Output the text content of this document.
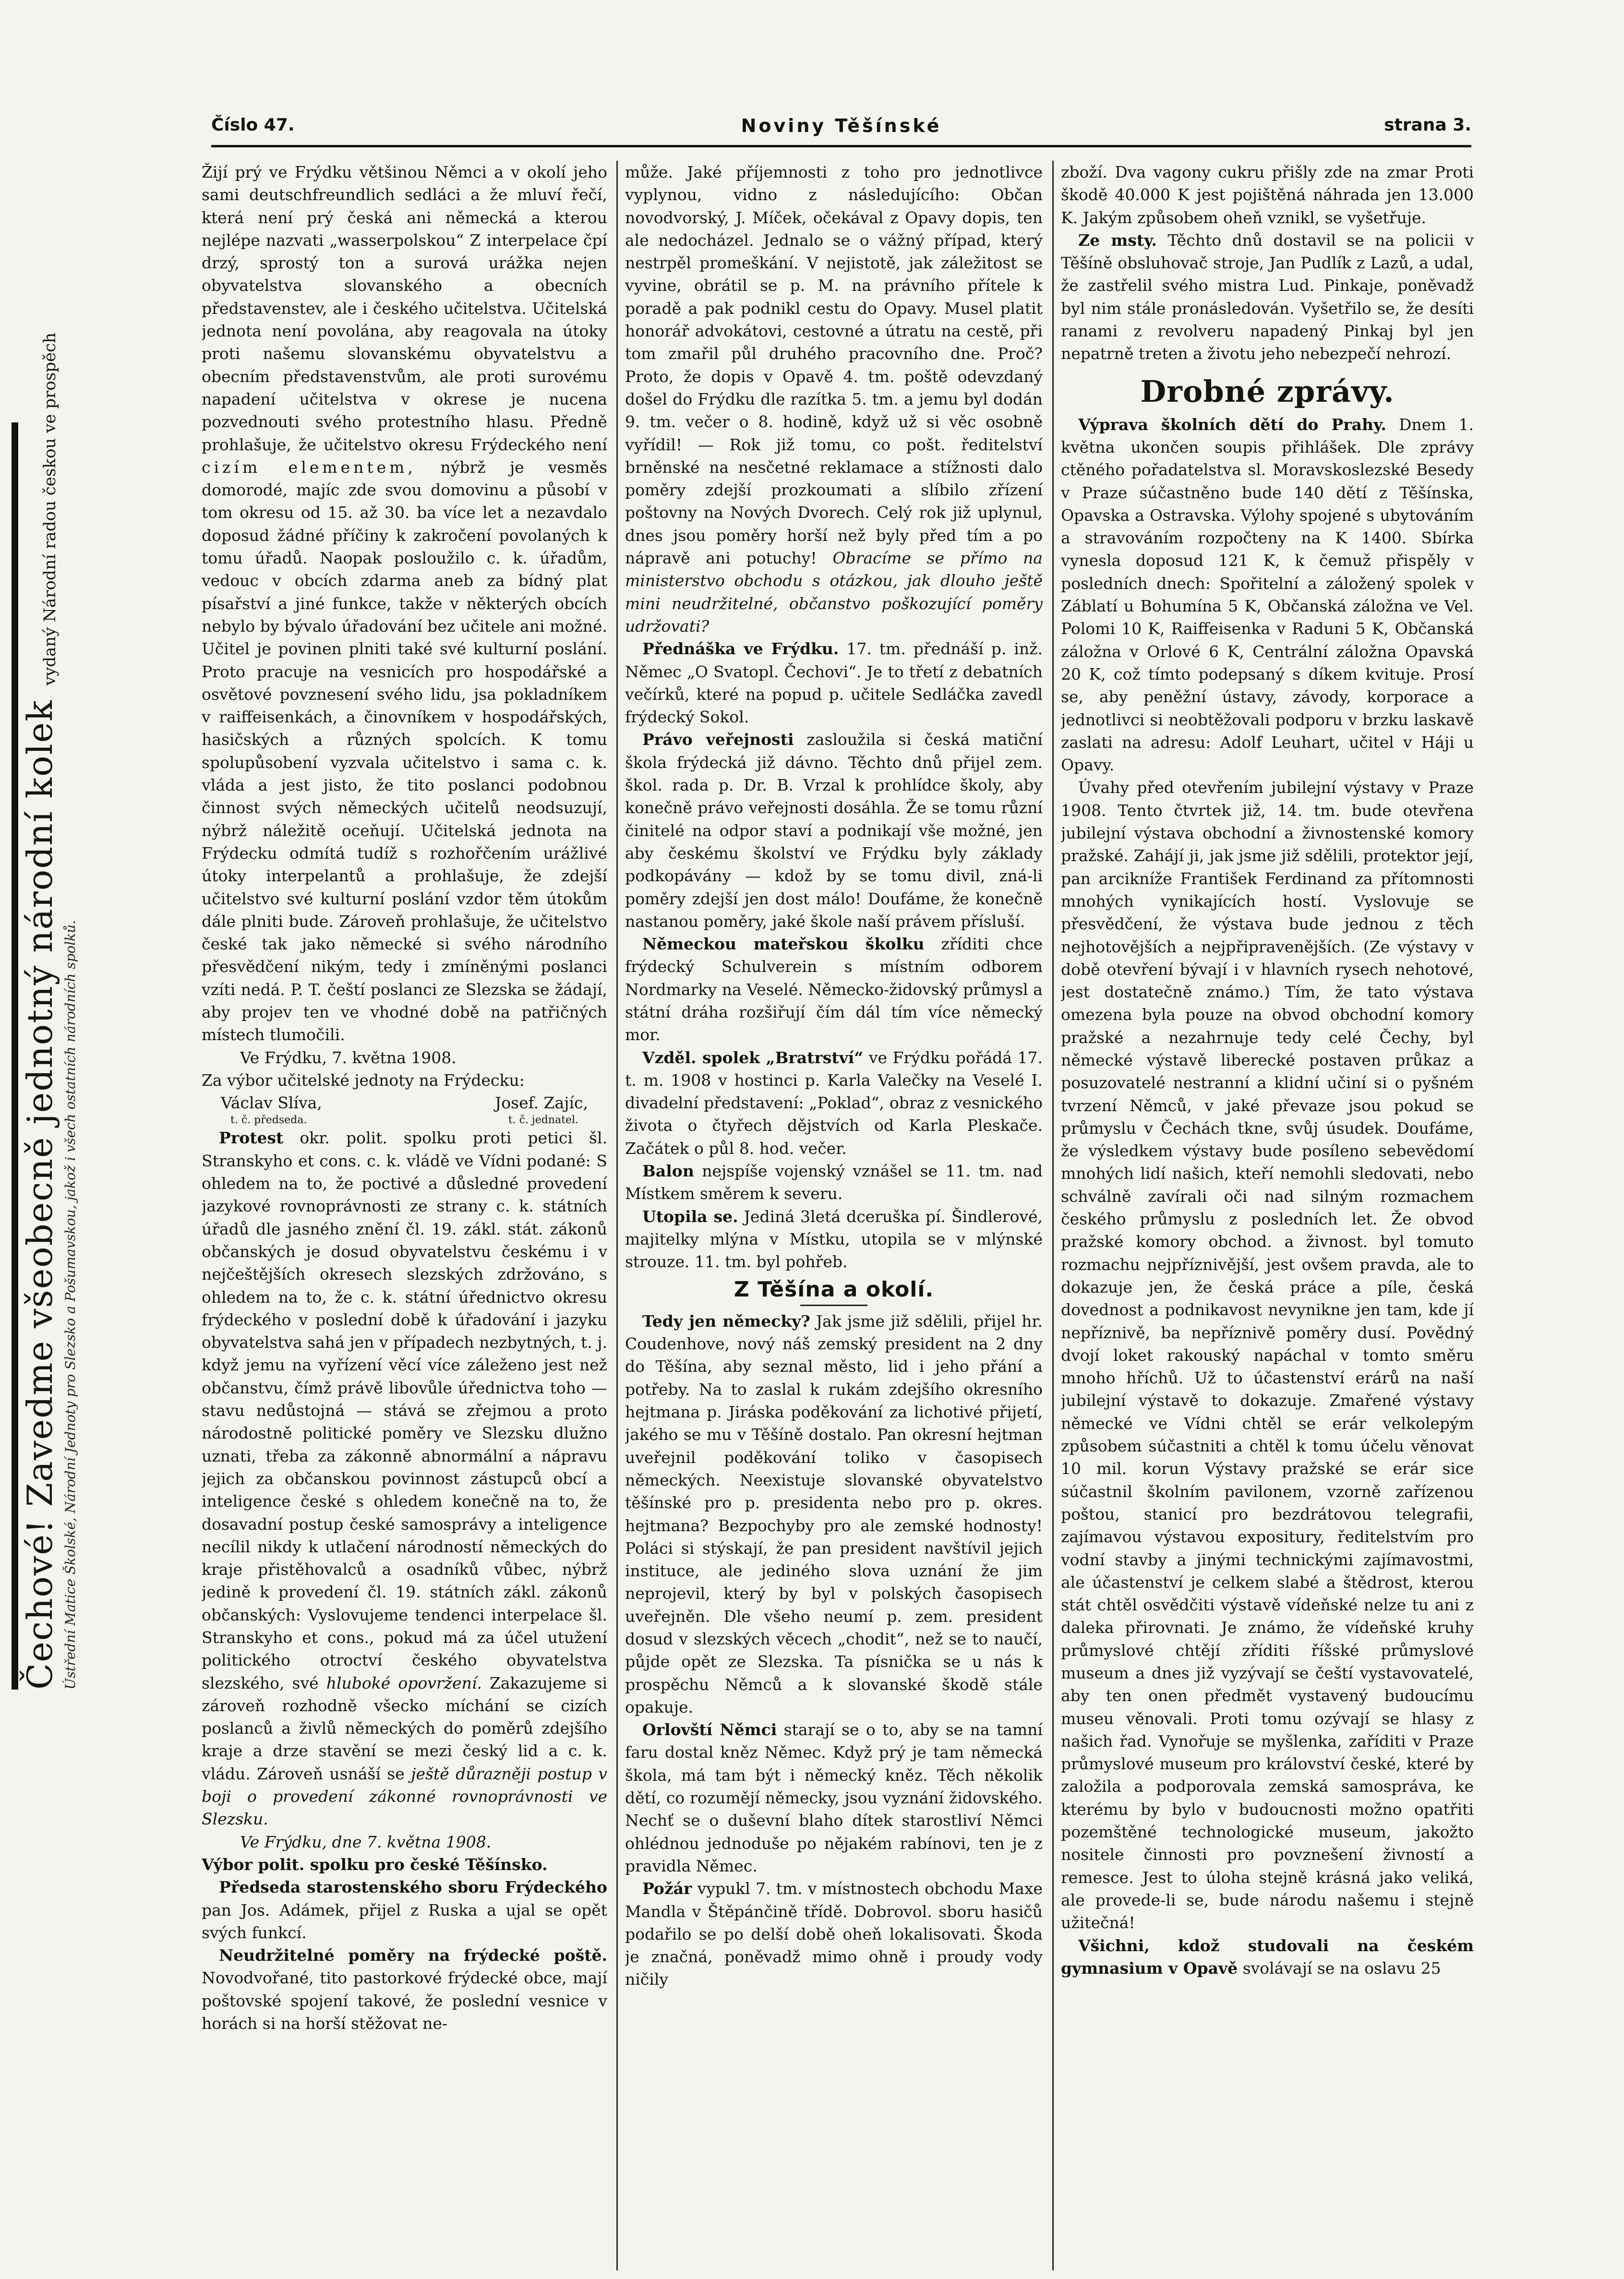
Čechové! Zavedme všeobecně jednotný národní kolek vydaný Národní radou českou ve prospěch
Ústřední Matice Školské, Národní Jednoty pro Slezsko a Pošumavskou, jakož i všech ostatních národních spolků.
Číslo 47.	Noviny Těšínské	strana 3.

Žijí prý ve Frýdku většinou Němci a v okolí jeho sami deutschfreundlich sedláci a že mluví řečí, která není prý česká ani německá a kterou nejlépe nazvati „wasserpolskou“ Z interpelace čpí drzý, sprostý ton a surová urážka nejen obyvatelstva slovanského a obecních představenstev, ale i českého učitelstva. Učitelská jednota není povolána, aby reagovala na útoky proti našemu slovanskému obyvatelstvu a obecním představenstvům, ale proti surovému napadení učitelstva v okrese je nucena pozvednouti svého protestního hlasu. Předně prohlašuje, že učitelstvo okresu Frýdeckého není cizím elementem, nýbrž je vesměs domorodé, majíc zde svou domovinu a působí v tom okresu od 15. až 30. ba více let a nezavdalo doposud žádné příčiny k zakročení povolaných k tomu úřadů. Naopak posloužilo c. k. úřadům, vedouc v obcích zdarma aneb za bídný plat písařství a jiné funkce, takže v některých obcích nebylo by bývalo úřadování bez učitele ani možné. Učitel je povinen plniti také své kulturní poslání. Proto pracuje na vesnicích pro hospodářské a osvětové povznesení svého lidu, jsa pokladníkem v raiffeisenkách, a činovníkem v hospodářských, hasičských a různých spolcích. K tomu spolupůsobení vyzvala učitelstvo i sama c. k. vláda a jest jisto, že tito poslanci podobnou činnost svých německých učitelů neodsuzují, nýbrž náležitě oceňují. Učitelská jednota na Frýdecku odmítá tudíž s rozhořčením urážlivé útoky interpelantů a prohlašuje, že zdejší učitelstvo své kulturní poslání vzdor těm útokům dále plniti bude. Zároveň prohlašuje, že učitelstvo české tak jako německé si svého národního přesvědčení nikým, tedy i zmíněnými poslanci vzíti nedá. P. T. čeští poslanci ze Slezska se žádají, aby projev ten ve vhodné době na patřičných místech tlumočili.

Ve Frýdku, 7. května 1908.

Za výbor učitelské jednoty na Frýdecku:

Václav Slíva,	Josef. Zajíc,
t. č. předseda.	t. č. jednatel.

Protest okr. polit. spolku proti petici šl. Stranskyho et cons. c. k. vládě ve Vídni podané: S ohledem na to, že poctivé a důsledné provedení jazykové rovnoprávnosti ze strany c. k. státních úřadů dle jasného znění čl. 19. zákl. stát. zákonů občanských je dosud obyvatelstvu českému i v nejčeštějších okresech slezských zdržováno, s ohledem na to, že c. k. státní úřednictvo okresu frýdeckého v poslední době k úřadování i jazyku obyvatelstva sahá jen v případech nezbytných, t. j. když jemu na vyřízení věcí více záleženo jest než občanstvu, čímž právě libovůle úřednictva toho — stavu nedůstojná — stává se zřejmou a proto národostně politické poměry ve Slezsku dlužno uznati, třeba za zákonně abnormální a nápravu jejich za občanskou povinnost zástupců obcí a inteligence české s ohledem konečně na to, že dosavadní postup české samosprávy a inteligence necílil nikdy k utlačení národností německých do kraje přistěhovalců a osadníků vůbec, nýbrž jedině k provedení čl. 19. státních zákl. zákonů občanských: Vyslovujeme tendenci interpelace šl. Stranskyho et cons., pokud má za účel utužení politického otroctví českého obyvatelstva slezského, své hluboké opovržení. Zakazujeme si zároveň rozhodně všecko míchání se cizích poslanců a živlů německých do poměrů zdejšího kraje a drze stavění se mezi český lid a c. k. vládu. Zároveň usnáší se ještě důrazněji postup v boji o provedení zákonné rovnoprávnosti ve Slezsku.

Ve Frýdku, dne 7. května 1908.

Výbor polit. spolku pro české Těšínsko.

Předseda starostenského sboru Frýdeckého pan Jos. Adámek, přijel z Ruska a ujal se opět svých funkcí.

Neudržitelné poměry na frýdecké poště. Novodvořané, tito pastorkové frýdecké obce, mají poštovské spojení takové, že poslední vesnice v horách si na horší stěžovat ne-

může. Jaké příjemnosti z toho pro jednotlivce vyplynou, vidno z následujícího: Občan novodvorský, J. Míček, očekával z Opavy dopis, ten ale nedocházel. Jednalo se o vážný případ, který nestrpěl promeškání. V nejistotě, jak záležitost se vyvine, obrátil se p. M. na právního přítele k poradě a pak podnikl cestu do Opavy. Musel platit honorář advokátovi, cestovné a útratu na cestě, při tom zmařil půl druhého pracovního dne. Proč? Proto, že dopis v Opavě 4. tm. poště odevzdaný došel do Frýdku dle razítka 5. tm. a jemu byl dodán 9. tm. večer o 8. hodině, když už si věc osobně vyřídil! — Rok již tomu, co pošt. ředitelství brněnské na nesčetné reklamace a stížnosti dalo poměry zdejší prozkoumati a slíbilo zřízení poštovny na Nových Dvorech. Celý rok již uplynul, dnes jsou poměry horší než byly před tím a po nápravě ani potuchy! Obracíme se přímo na ministerstvo obchodu s otázkou, jak dlouho ještě mini neudržitelné, občanstvo poškozující poměry udržovati?

Přednáška ve Frýdku. 17. tm. přednáší p. inž. Němec „O Svatopl. Čechovi“. Je to třetí z debatních večírků, které na popud p. učitele Sedláčka zavedl frýdecký Sokol.

Právo veřejnosti zasloužila si česká matiční škola frýdecká již dávno. Těchto dnů přijel zem. škol. rada p. Dr. B. Vrzal k prohlídce školy, aby konečně právo veřejnosti dosáhla. Že se tomu různí činitelé na odpor staví a podnikají vše možné, jen aby českému školství ve Frýdku byly základy podkopávány — kdož by se tomu divil, zná-li poměry zdejší jen dost málo! Doufáme, že konečně nastanou poměry, jaké škole naší právem přísluší.

Německou mateřskou školku zříditi chce frýdecký Schulverein s místním odborem Nordmarky na Veselé. Německo-židovský průmysl a státní dráha rozšiřují čím dál tím více německý mor.

Vzděl. spolek „Bratrství“ ve Frýdku pořádá 17. t. m. 1908 v hostinci p. Karla Valečky na Veselé I. divadelní představení: „Poklad“, obraz z vesnického života o čtyřech dějstvích od Karla Pleskače. Začátek o půl 8. hod. večer.

Balon nejspíše vojenský vznášel se 11. tm. nad Místkem směrem k severu.

Utopila se. Jediná 3letá dceruška pí. Šindlerové, majitelky mlýna v Místku, utopila se v mlýnské strouze. 11. tm. byl pohřeb.

Z Těšína a okolí.

Tedy jen německy? Jak jsme již sdělili, přijel hr. Coudenhove, nový náš zemský president na 2 dny do Těšína, aby seznal město, lid i jeho přání a potřeby. Na to zaslal k rukám zdejšího okresního hejtmana p. Jiráska poděkování za lichotivé přijetí, jakého se mu v Těšíně dostalo. Pan okresní hejtman uveřejnil poděkování toliko v časopisech německých. Neexistuje slovanské obyvatelstvo těšínské pro p. presidenta nebo pro p. okres. hejtmana? Bezpochyby pro ale zemské hodnosty! Poláci si stýskají, že pan president navštívil jejich instituce, ale jediného slova uznání že jim neprojevil, který by byl v polských časopisech uveřejněn. Dle všeho neumí p. zem. president dosud v slezských věcech „chodit“, než se to naučí, půjde opět ze Slezska. Ta písnička se u nás k prospěchu Němců a k slovanské škodě stále opakuje.

Orlovští Němci starají se o to, aby se na tamní faru dostal kněz Němec. Když prý je tam německá škola, má tam být i německý kněz. Těch několik dětí, co rozumějí německy, jsou vyznání židovského. Nechť se o duševní blaho dítek starostliví Němci ohlédnou jednoduše po nějakém rabínovi, ten je z pravidla Němec.

Požár vypukl 7. tm. v místnostech obchodu Maxe Mandla v Štěpánčině třídě. Dobrovol. sboru hasičů podařilo se po delší době oheň lokalisovati. Škoda je značná, poněvadž mimo ohně i proudy vody ničily

zboží. Dva vagony cukru přišly zde na zmar Proti škodě 40.000 K jest pojištěná náhrada jen 13.000 K. Jakým způsobem oheň vznikl, se vyšetřuje.

Ze msty. Těchto dnů dostavil se na policii v Těšíně obsluhovač stroje, Jan Pudlík z Lazů, a udal, že zastřelil svého mistra Lud. Pinkaje, poněvadž byl nim stále pronásledován. Vyšetřilo se, že desíti ranami z revolveru napadený Pinkaj byl jen nepatrně treten a životu jeho nebezpečí nehrozí.

Drobné zprávy.

Výprava školních dětí do Prahy. Dnem 1. května ukončen soupis přihlášek. Dle zprávy ctěného pořadatelstva sl. Moravskoslezské Besedy v Praze súčastněno bude 140 dětí z Těšínska, Opavska a Ostravska. Výlohy spojené s ubytováním a stravováním rozpočteny na K 1400. Sbírka vynesla doposud 121 K, k čemuž přispěly v posledních dnech: Spořitelní a záložený spolek v Záblatí u Bohumína 5 K, Občanská záložna ve Vel. Polomi 10 K, Raiffeisenka v Raduni 5 K, Občanská záložna v Orlové 6 K, Centrální záložna Opavská 20 K, což tímto podepsaný s díkem kvituje. Prosí se, aby peněžní ústavy, závody, korporace a jednotlivci si neobtěžovali podporu v brzku laskavě zaslati na adresu: Adolf Leuhart, učitel v Háji u Opavy.

Úvahy před otevřením jubilejní výstavy v Praze 1908. Tento čtvrtek již, 14. tm. bude otevřena jubilejní výstava obchodní a živnostenské komory pražské. Zahájí ji, jak jsme již sdělili, protektor její, pan arcikníže František Ferdinand za přítomnosti mnohých vynikajících hostí. Vyslovuje se přesvědčení, že výstava bude jednou z těch nejhotovějších a nejpřipravenějších. (Ze výstavy v době otevření bývají i v hlavních rysech nehotové, jest dostatečně známo.) Tím, že tato výstava omezena byla pouze na obvod obchodní komory pražské a nezahrnuje tedy celé Čechy, byl německé výstavě liberecké postaven průkaz a posuzovatelé nestranní a klidní učiní si o pyšném tvrzení Němců, v jaké převaze jsou pokud se průmyslu v Čechách tkne, svůj úsudek. Doufáme, že výsledkem výstavy bude posíleno sebevědomí mnohých lidí našich, kteří nemohli sledovati, nebo schválně zavírali oči nad silným rozmachem českého průmyslu z posledních let. Že obvod pražské komory obchod. a živnost. byl tomuto rozmachu nejpříznivější, jest ovšem pravda, ale to dokazuje jen, že česká práce a píle, česká dovednost a podnikavost nevynikne jen tam, kde jí nepříznivě, ba nepříznivě poměry dusí. Povědný dvojí loket rakouský napáchal v tomto směru mnoho hříchů. Už to účastenství erárů na naší jubilejní výstavě to dokazuje. Zmařené výstavy německé ve Vídni chtěl se erár velkolepým způsobem súčastniti a chtěl k tomu účelu věnovat 10 mil. korun Výstavy pražské se erár sice súčastnil školním pavilonem, vzorně zařízenou poštou, stanicí pro bezdrátovou telegrafii, zajímavou výstavou expositury, ředitelstvím pro vodní stavby a jinými technickými zajímavostmi, ale účastenství je celkem slabé a štědrost, kterou stát chtěl osvědčiti výstavě vídeňské nelze tu ani z daleka přirovnati. Je známo, že vídeňské kruhy průmyslové chtějí zříditi říšské průmyslové museum a dnes již vyzývají se čeští vystavovatelé, aby ten onen předmět vystavený budoucímu museu věnovali. Proti tomu ozývají se hlasy z našich řad. Vynořuje se myšlenka, zaříditi v Praze průmyslové museum pro království české, které by založila a podporovala zemská samospráva, ke kterému by bylo v budoucnosti možno opatřiti pozemštěné technologické museum, jakožto nositele činnosti pro povznešení živností a remesce. Jest to úloha stejně krásná jako veliká, ale provede-li se, bude národu našemu i stejně užitečná!

Všichni, kdož studovali na českém gymnasium v Opavě svolávají se na oslavu 25
